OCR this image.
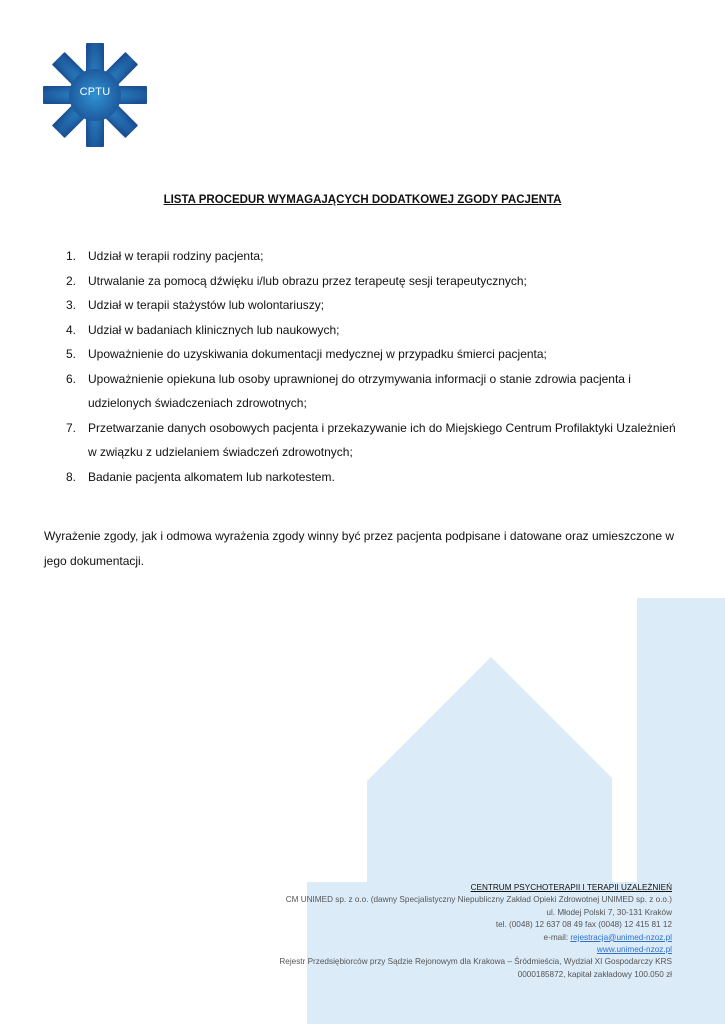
CPTU
LISTA PROCEDUR WYMAGAJĄCYCH DODATKOWEJ ZGODY PACJENTA
1. Udział w terapii rodziny pacjenta;
2. Utrwalanie za pomocą dźwięku i/lub obrazu przez terapeutę sesji terapeutycznych;
3. Udział w terapii stażystów lub wolontariuszy;
4. Udział w badaniach klinicznych lub naukowych;
5. Upoważnienie do uzyskiwania dokumentacji medycznej w przypadku śmierci pacjenta;
6. Upoważnienie opiekuna lub osoby uprawnionej do otrzymywania informacji o stanie zdrowia pacjenta i udzielonych świadczeniach zdrowotnych;
7. Przetwarzanie danych osobowych pacjenta i przekazywanie ich do Miejskiego Centrum Profilaktyki Uzależnień w związku z udzielaniem świadczeń zdrowotnych;
8. Badanie pacjenta alkomatem lub narkotestem.

Wyrażenie zgody, jak i odmowa wyrażenia zgody winny być przez pacjenta podpisane i datowane oraz umieszczone w jego dokumentacji.

CENTRUM PSYCHOTERAPII I TERAPII UZALEŻNIEŃ
CM UNIMED sp. z o.o. (dawny Specjalistyczny Niepubliczny Zakład Opieki Zdrowotnej UNIMED sp. z o.o.)
ul. Młodej Polski 7, 30-131 Kraków
tel. (0048) 12 637 08 49 fax (0048) 12 415 81 12
e-mail: rejestracja@unimed-nzoz.pl
www.unimed-nzoz.pl
Rejestr Przedsiębiorców przy Sądzie Rejonowym dla Krakowa – Śródmieścia, Wydział XI Gospodarczy KRS
0000185872, kapitał zakładowy 100.050 zł
